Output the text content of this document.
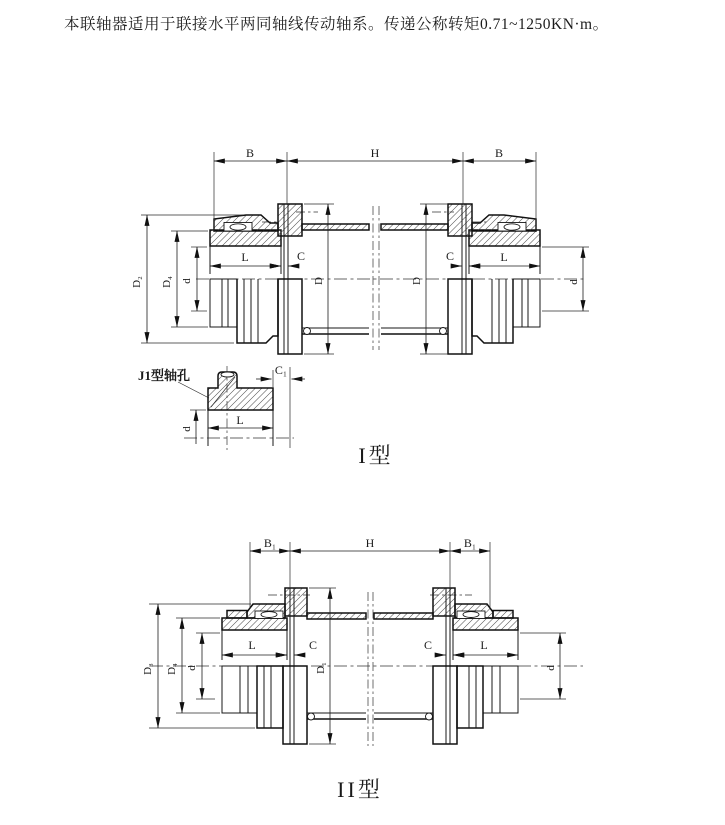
本联轴器适用于联接水平两同轴线传动轴系。传递公称转矩0.71~1250KN·m。
B	H	B
D₂ D₄ d
L	C
D	D
C	L
d
J1型轴孔	C₁
L
d
I型
B₁	H	B₁
D₃ D₄ d
L	C
D₁
C	L
d
II型
